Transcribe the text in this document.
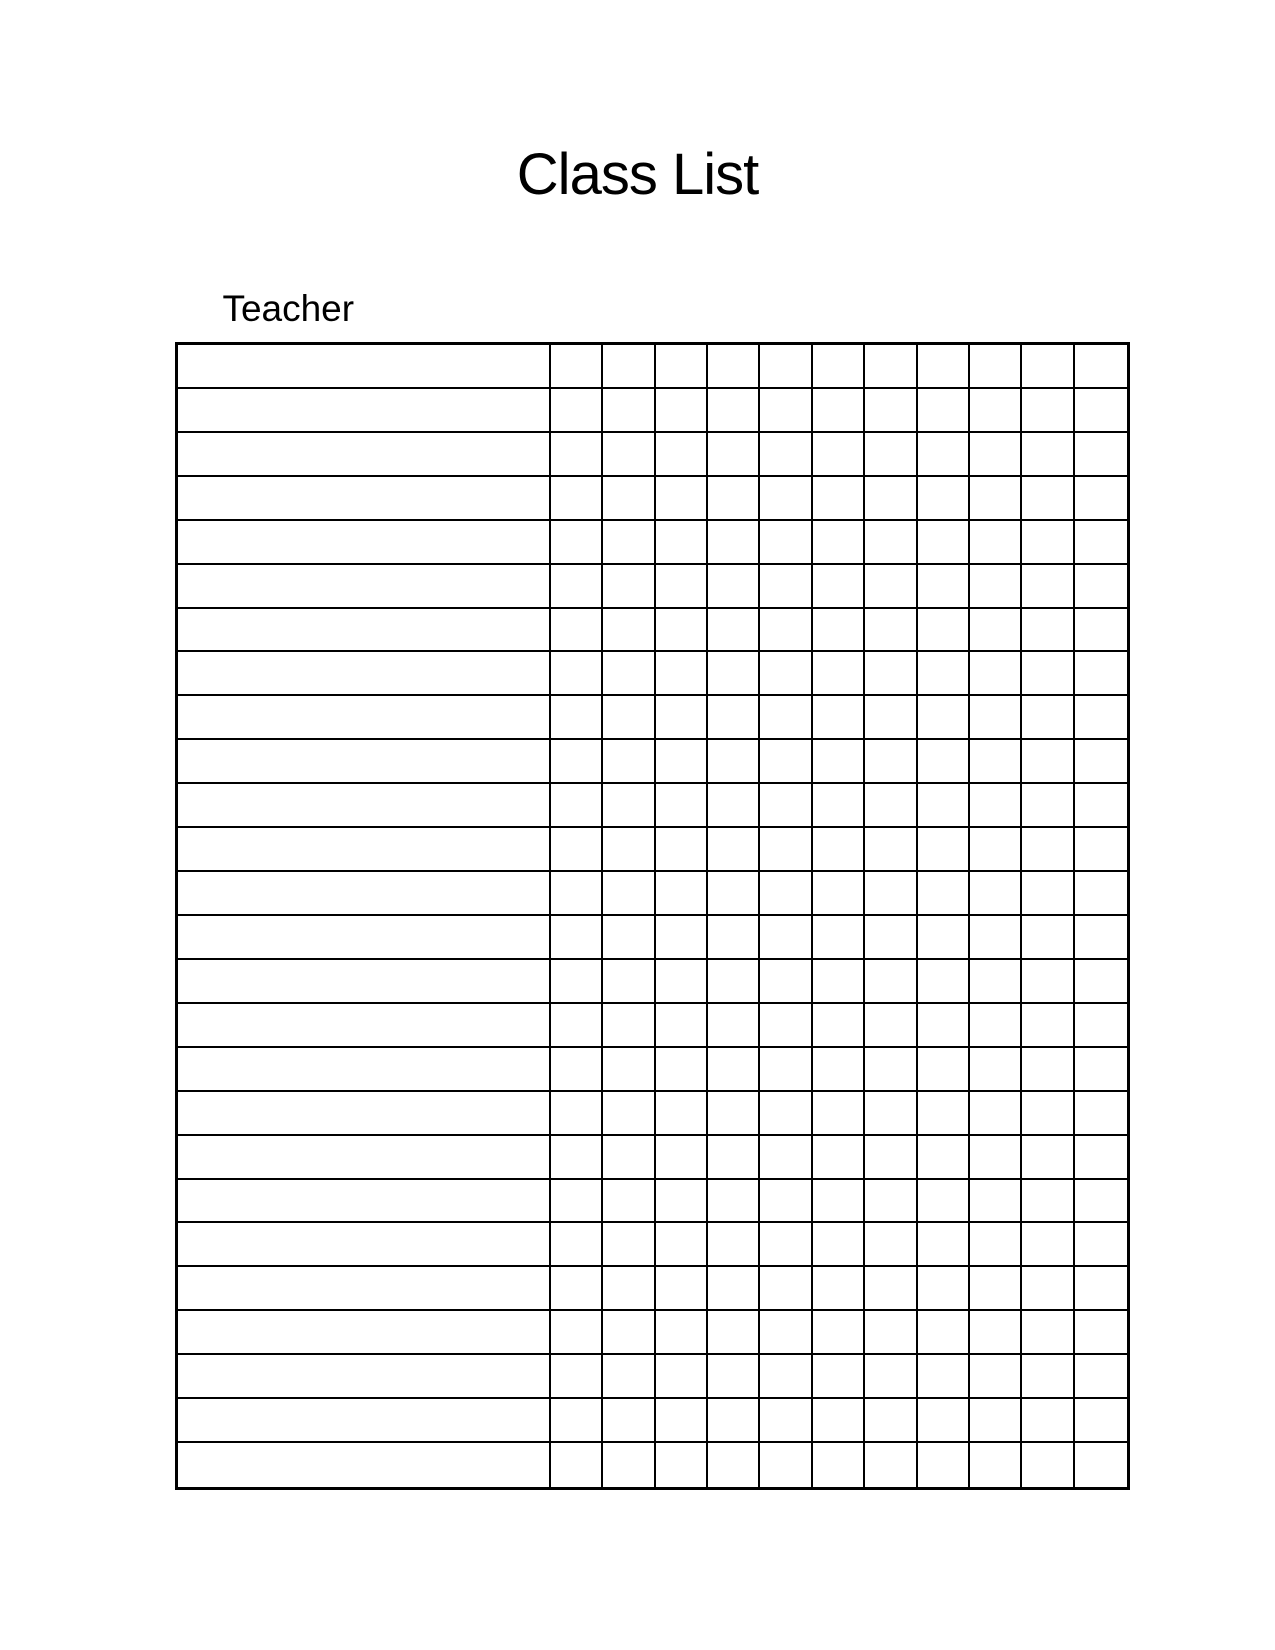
Class List

Teacher
